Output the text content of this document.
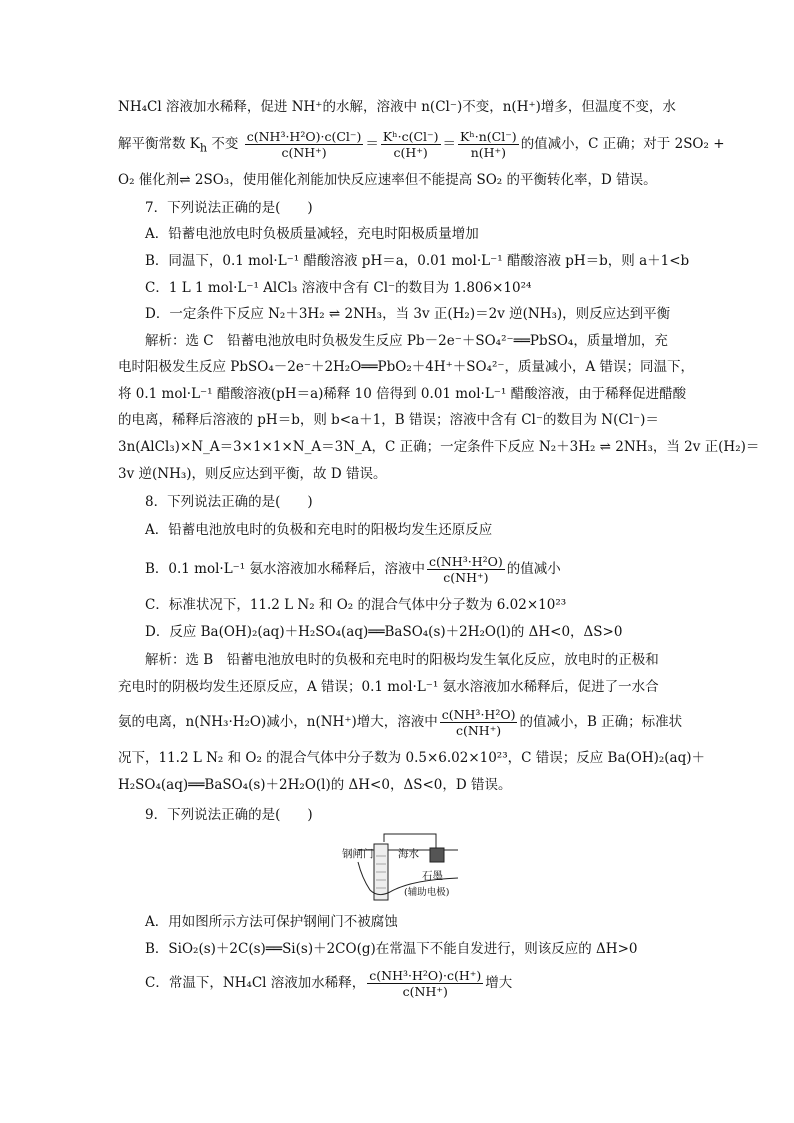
NH₄Cl 溶液加水稀释，促进 NH⁺的水解，溶液中 n(Cl⁻)不变，n(H⁺)增多，但温度不变，水
解平衡常数 $K_h$ 不变 $\frac{\text{c(NH³·H²O)·c(Cl⁻)}}{c(NH^+)} = \frac{\text{Kʰ·c(Cl⁻)}}{c(H^+)} = \frac{\text{Kʰ·n(Cl⁻)}}{n(H^+)}$ 的值减小，C 正确；对于 2SO₂ +
O₂ 催化剂⇌ 2SO₃，使用催化剂能加快反应速率但不能提高 SO₂ 的平衡转化率，D 错误。
7．下列说法正确的是(　　)
A．铅蓄电池放电时负极质量减轻，充电时阳极质量增加
B．同温下，0.1 mol·L⁻¹ 醋酸溶液 pH＝a，0.01 mol·L⁻¹ 醋酸溶液 pH＝b，则 a＋1<b
C．1 L 1 mol·L⁻¹ AlCl₃ 溶液中含有 Cl⁻的数目为 1.806×10²⁴
D．一定条件下反应 N₂＋3H₂ ⇌ 2NH₃，当 3v 正(H₂)＝2v 逆(NH₃)，则反应达到平衡
解析：选 C　铅蓄电池放电时负极发生反应 Pb－2e⁻＋SO₄²⁻══PbSO₄，质量增加，充
电时阳极发生反应 PbSO₄－2e⁻＋2H₂O══PbO₂＋4H⁺＋SO₄²⁻，质量减小，A 错误；同温下，
将 0.1 mol·L⁻¹ 醋酸溶液(pH＝a)稀释 10 倍得到 0.01 mol·L⁻¹ 醋酸溶液，由于稀释促进醋酸
的电离，稀释后溶液的 pH＝b，则 b<a＋1，B 错误；溶液中含有 Cl⁻的数目为 N(Cl⁻)＝
3n(AlCl₃)×N_A＝3×1×1×N_A＝3N_A，C 正确；一定条件下反应 N₂＋3H₂ ⇌ 2NH₃，当 2v 正(H₂)＝
3v 逆(NH₃)，则反应达到平衡，故 D 错误。
8．下列说法正确的是(　　)
A．铅蓄电池放电时的负极和充电时的阳极均发生还原反应
B．0.1 mol·L⁻¹ 氨水溶液加水稀释后，溶液中 $\frac{\text{c(NH³·H²O)}}{c(NH^+)}$ 的值减小
C．标准状况下，11.2 L N₂ 和 O₂ 的混合气体中分子数为 6.02×10²³
D．反应 Ba(OH)₂(aq)＋H₂SO₄(aq)══BaSO₄(s)＋2H₂O(l)的 ΔH<0，ΔS>0
解析：选 B　铅蓄电池放电时的负极和充电时的阳极均发生氧化反应，放电时的正极和
充电时的阴极均发生还原反应，A 错误；0.1 mol·L⁻¹ 氨水溶液加水稀释后，促进了一水合
氨的电离，n(NH₃·H₂O)减小，n(NH⁺)增大，溶液中 $\frac{\text{c(NH³·H²O)}}{c(NH^+)}$ 的值减小，B 正确；标准状
况下，11.2 L N₂ 和 O₂ 的混合气体中分子数为 0.5×6.02×10²³，C 错误；反应 Ba(OH)₂(aq)＋
H₂SO₄(aq)══BaSO₄(s)＋2H₂O(l)的 ΔH<0，ΔS<0，D 错误。
9．下列说法正确的是(　　)
钢闸门 海水
石墨
(辅助电极)
A．用如图所示方法可保护钢闸门不被腐蚀
B．SiO₂(s)＋2C(s)══Si(s)＋2CO(g)在常温下不能自发进行，则该反应的 ΔH>0
C．常温下，NH₄Cl 溶液加水稀释， $\frac{\text{c(NH³·H²O)·c(H⁺)}}{c(NH^+)}$ 增大
